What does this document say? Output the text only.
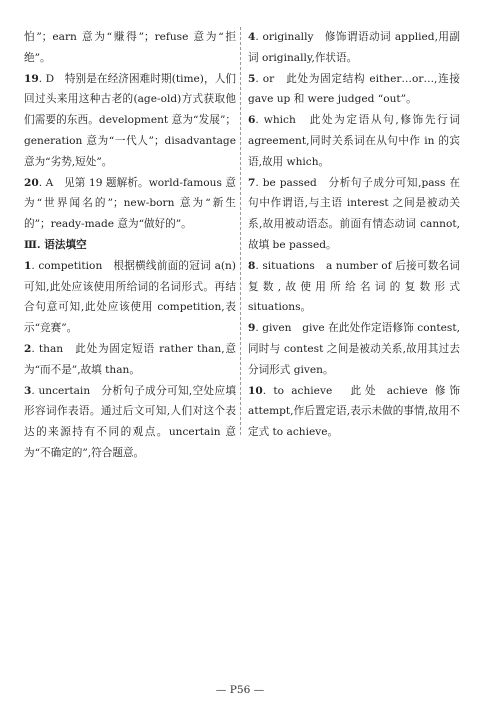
怕”；earn 意为“赚得”；refuse 意为“拒绝”。

19. D　特别是在经济困难时期(time)，人们回过头来用这种古老的(age-old)方式获取他们需要的东西。development 意为“发展”；generation 意为“一代人”；disadvantage 意为“劣势,短处”。

20. A　见第 19 题解析。world-famous 意为“世界闻名的”；new-born 意为“新生的”；ready-made 意为“做好的”。

Ⅲ. 语法填空

1. competition　根据横线前面的冠词 a(n)可知,此处应该使用所给词的名词形式。再结合句意可知,此处应该使用 competition,表示“竞赛”。

2. than　此处为固定短语 rather than,意为“而不是”,故填 than。

3. uncertain　分析句子成分可知,空处应填形容词作表语。通过后文可知,人们对这个表达的来源持有不同的观点。uncertain 意为“不确定的”,符合题意。

4. originally　修饰谓语动词 applied,用副词 originally,作状语。

5. or　此处为固定结构 either…or…,连接 gave up 和 were judged “out”。

6. which　此处为定语从句,修饰先行词 agreement,同时关系词在从句中作 in 的宾语,故用 which。

7. be passed　分析句子成分可知,pass 在句中作谓语,与主语 interest 之间是被动关系,故用被动语态。前面有情态动词 cannot,故填 be passed。

8. situations　a number of 后接可数名词复数,故使用所给名词的复数形式 situations。

9. given　give 在此处作定语修饰 contest,同时与 contest 之间是被动关系,故用其过去分词形式 given。

10. to achieve　此处 achieve 修饰 attempt,作后置定语,表示未做的事情,故用不定式 to achieve。

— P56 —
